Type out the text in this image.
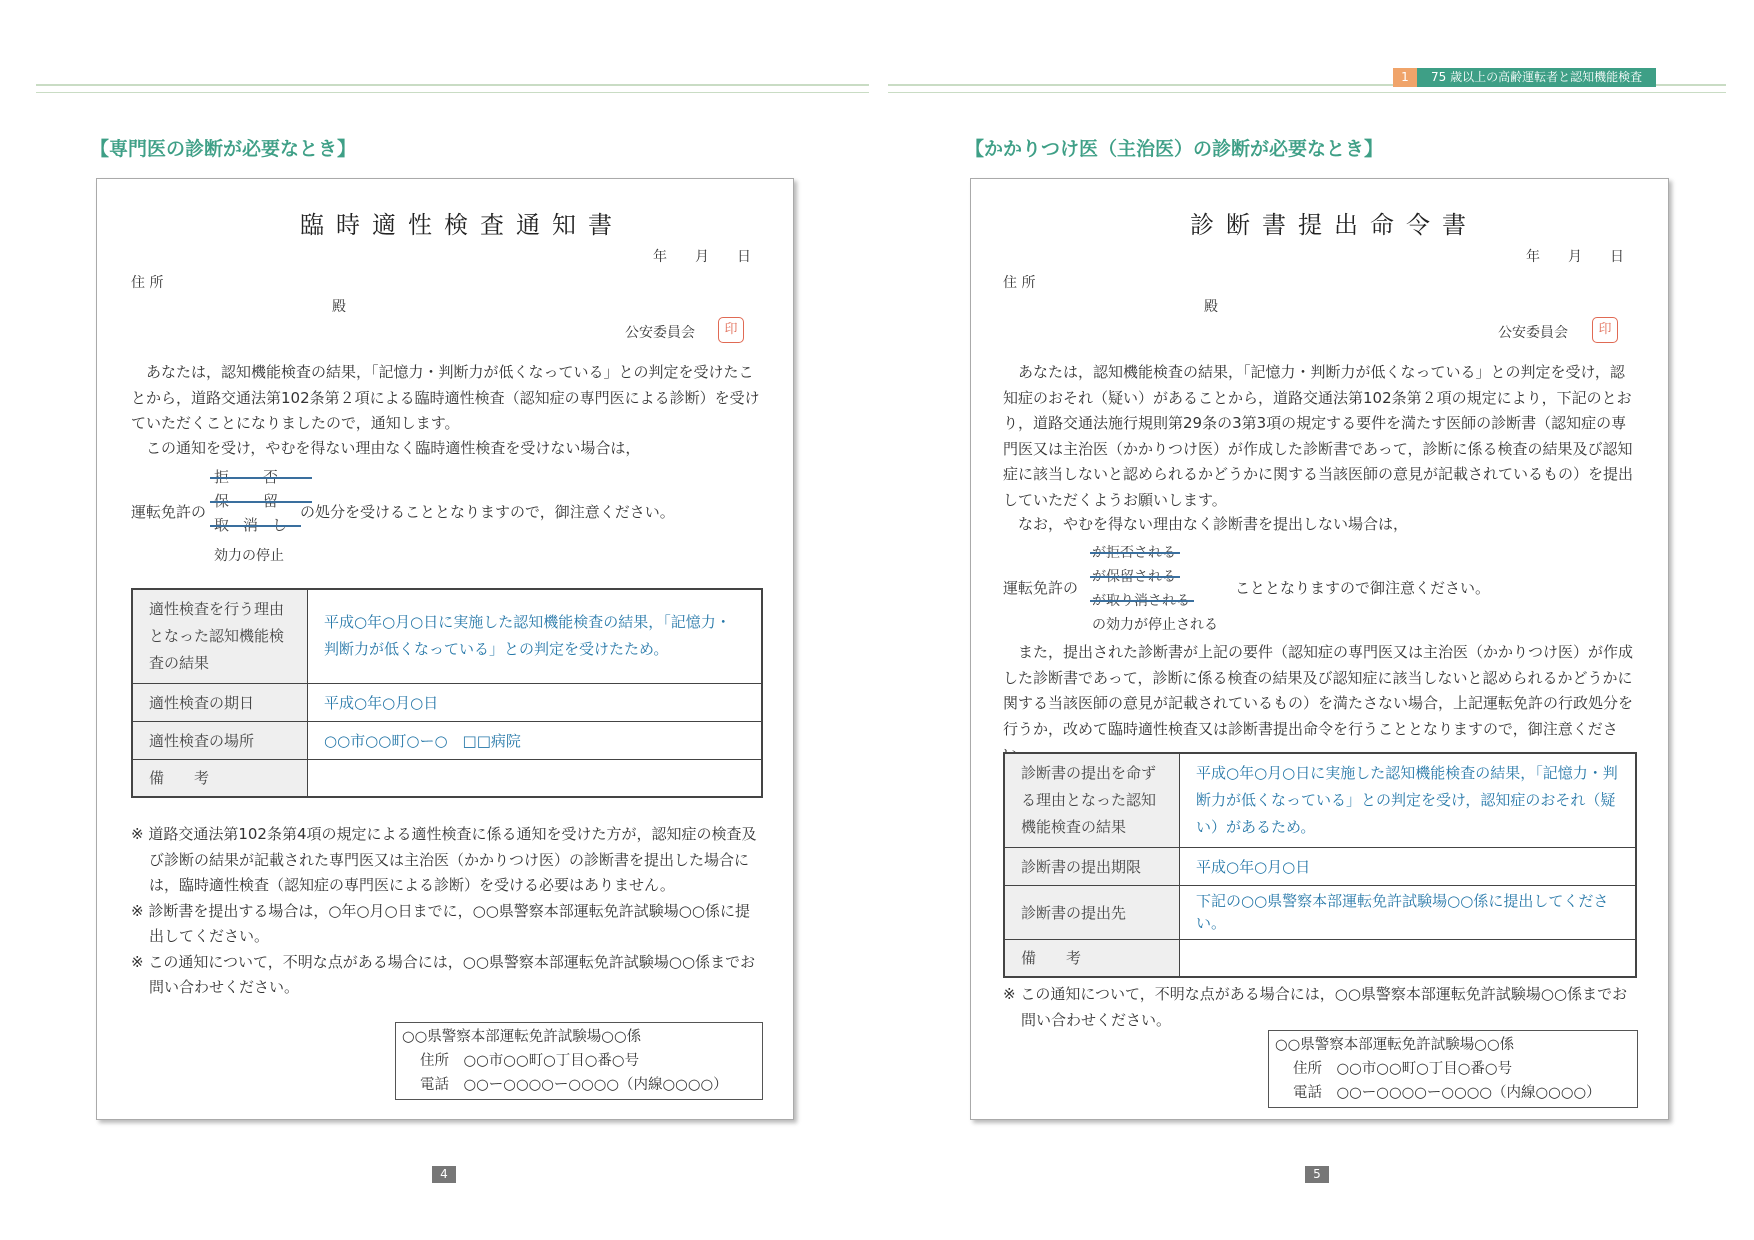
1	75 歳以上の高齢運転者と認知機能検査
【専門医の診断が必要なとき】
臨時適性検査通知書
年 月 日
住 所
殿
公安委員会	印
あなたは，認知機能検査の結果，「記憶力・判断力が低くなっている」との判定を受けたことから，道路交通法第102条第２項による臨時適性検査（認知症の専門医による診断）を受けていただくことになりましたので，通知します。
この通知を受け，やむを得ない理由なく臨時適性検査を受けない場合は，
運転免許の
拒否
保留
取消し
効力の停止
の処分を受けることとなりますので，御注意ください。
適性検査を行う理由となった認知機能検査の結果	平成○年○月○日に実施した認知機能検査の結果，「記憶力・判断力が低くなっている」との判定を受けたため。
適性検査の期日	平成○年○月○日
適性検査の場所	○○市○○町○ー○　□□病院
備　　考	
※ 道路交通法第102条第4項の規定による適性検査に係る通知を受けた方が，認知症の検査及び診断の結果が記載された専門医又は主治医（かかりつけ医）の診断書を提出した場合には，臨時適性検査（認知症の専門医による診断）を受ける必要はありません。
※ 診断書を提出する場合は，○年○月○日までに，○○県警察本部運転免許試験場○○係に提出してください。
※ この通知について，不明な点がある場合には，○○県警察本部運転免許試験場○○係までお問い合わせください。
○○県警察本部運転免許試験場○○係
住所　○○市○○町○丁目○番○号
電話　○○ー○○○○ー○○○○（内線○○○○）
4
【かかりつけ医（主治医）の診断が必要なとき】
診断書提出命令書
年 月 日
住 所
殿
公安委員会	印
あなたは，認知機能検査の結果，「記憶力・判断力が低くなっている」との判定を受け，認知症のおそれ（疑い）があることから，道路交通法第102条第２項の規定により，下記のとおり，道路交通法施行規則第29条の3第3項の規定する要件を満たす医師の診断書（認知症の専門医又は主治医（かかりつけ医）が作成した診断書であって，診断に係る検査の結果及び認知症に該当しないと認められるかどうかに関する当該医師の意見が記載されているもの）を提出していただくようお願いします。
なお，やむを得ない理由なく診断書を提出しない場合は，
運転免許の
が拒否される
が保留される
が取り消される
の効力が停止される
こととなりますので御注意ください。
また，提出された診断書が上記の要件（認知症の専門医又は主治医（かかりつけ医）が作成した診断書であって，診断に係る検査の結果及び認知症に該当しないと認められるかどうかに関する当該医師の意見が記載されているもの）を満たさない場合，上記運転免許の行政処分を行うか，改めて臨時適性検査又は診断書提出命令を行うこととなりますので，御注意くださ
診断書の提出を命ずる理由となった認知機能検査の結果	平成○年○月○日に実施した認知機能検査の結果，「記憶力・判断力が低くなっている」との判定を受け，認知症のおそれ（疑い）があるため。
診断書の提出期限	平成○年○月○日
診断書の提出先	下記の○○県警察本部運転免許試験場○○係に提出してください。
備　　考	
※ この通知について，不明な点がある場合には，○○県警察本部運転免許試験場○○係までお問い合わせください。
○○県警察本部運転免許試験場○○係
住所　○○市○○町○丁目○番○号
電話　○○ー○○○○ー○○○○（内線○○○○）
5
